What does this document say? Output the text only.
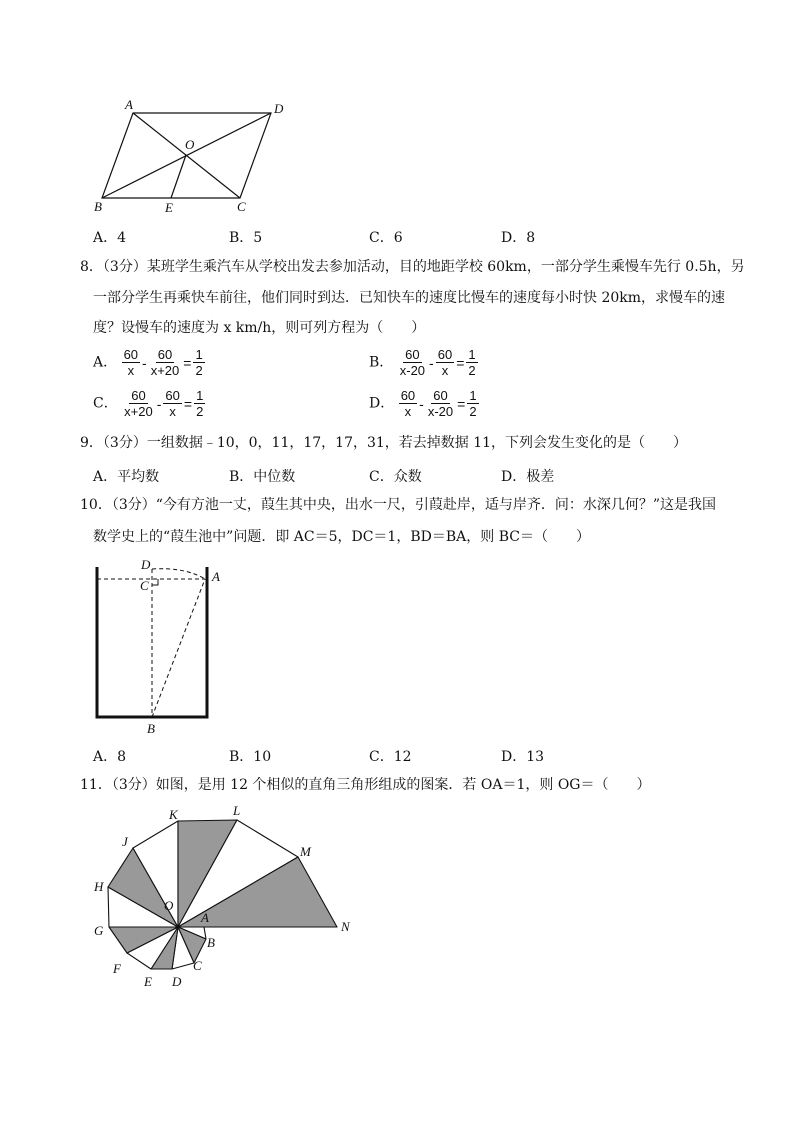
A	D
O
B	E	C
A．4	B．5	C．6	D．8
8．（3分）某班学生乘汽车从学校出发去参加活动，目的地距学校 60km，一部分学生乘慢车先行 0.5h，另
一部分学生再乘快车前往，他们同时到达．已知快车的速度比慢车的速度每小时快 20km，求慢车的速
度？设慢车的速度为 x km/h，则可列方程为（　　）
A． $\frac{60}{x} - \frac{60}{x+20} = \frac{1}{2}$	B． $\frac{60}{x-20} - \frac{60}{x} = \frac{1}{2}$
C． $\frac{60}{x+20} - \frac{60}{x} = \frac{1}{2}$	D． $\frac{60}{x} - \frac{60}{x-20} = \frac{1}{2}$
9．（3分）一组数据﹣10，0，11，17，17，31，若去掉数据 11，下列会发生变化的是（　　）
A．平均数	B．中位数	C．众数	D．极差
10．（3分）“今有方池一丈，葭生其中央，出水一尺，引葭赴岸，适与岸齐．问：水深几何？”这是我国
数学史上的“葭生池中”问题．即 AC＝5，DC＝1，BD＝BA，则 BC＝（　　）
D
C
A
B
A．8	B．10	C．12	D．13
11．（3分）如图，是用 12 个相似的直角三角形组成的图案．若 OA＝1，则 OG＝（　　）
K	L
J
M
H
O
A
G
B
N
F	C
E D
